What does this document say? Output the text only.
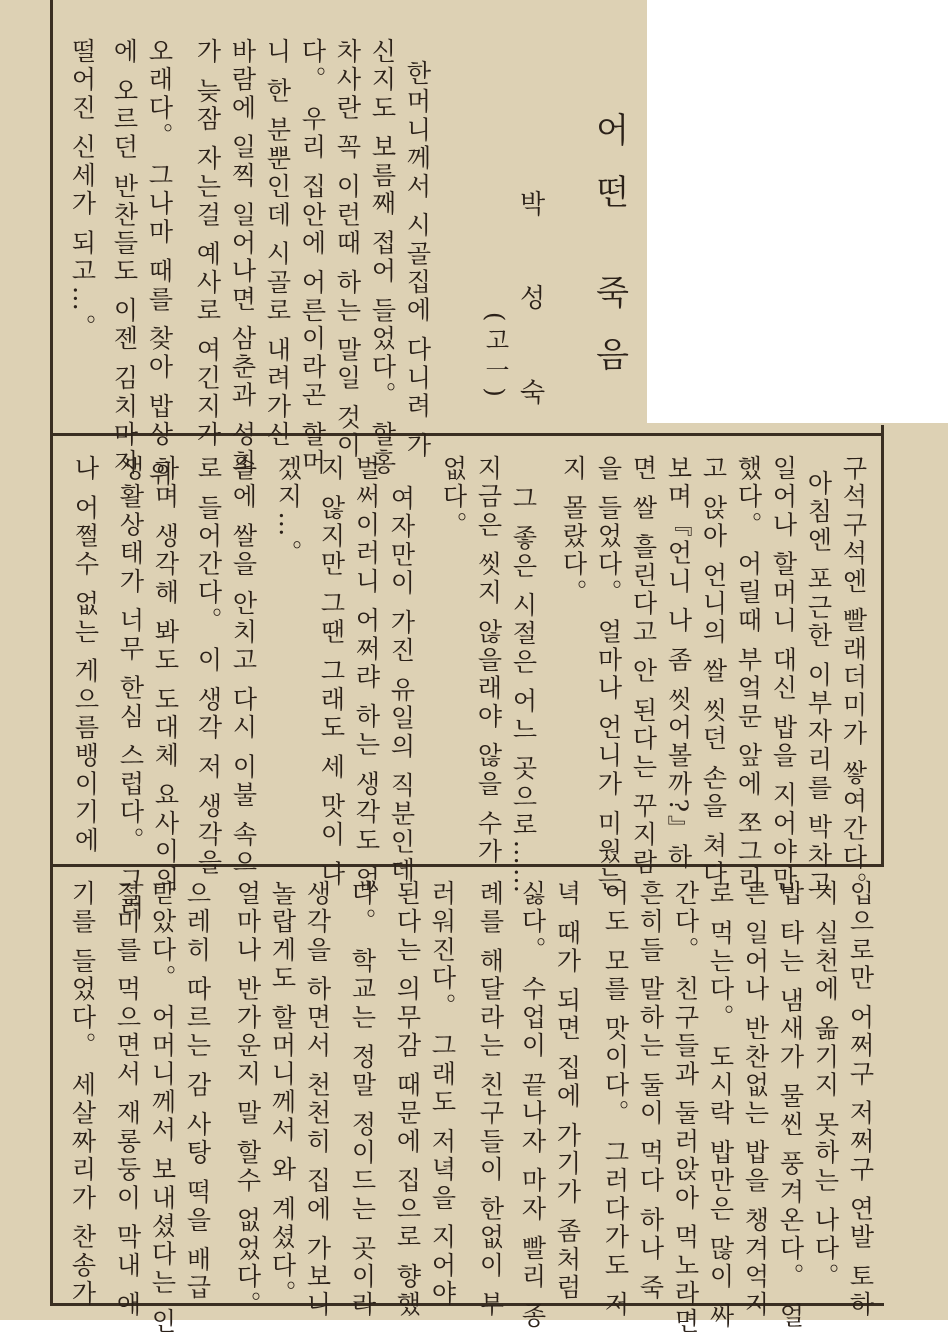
어떤 죽음
박 성 숙
(고一)
한머니께서 시골집에 다니려 가
신지도 보름째 접어 들었다。 할홍
차사란 꼭 이런때 하는 말일 것이
다。 우리 집안에 어른이라곤 할머
니 한 분뿐인데 시골로 내려가신
바람에 일찍 일어나면 삼춘과 성희
가 늦잠 자는걸 예사로 여긴지가
오래다。 그나마 때를 찾아 밥상 위
에 오르던 반찬들도 이젠 김치마저
떨어진 신세가 되고…。
구석구석엔 빨래더미가 쌓여간다。
아침엔 포근한 이부자리를 박차고
일어나 할머니 대신 밥을 지어야만
했다。 어릴때 부엌문 앞에 쪼그리
고 앉아 언니의 쌀 씻던 손을 쳐다
보며『언니 나 좀 씻어볼까?』하
면 쌀 흘린다고 안 된다는 꾸지람
을 들었다。 얼마나 언니가 미웠는
지 몰랐다。
그 좋은 시절은 어느 곳으로……
지금은 씻지 않을래야 않을 수가
없다。
여자만이 가진 유일의 직분인데
벌써이러니 어쩌랴 하는 생각도 없
지 않지만 그땐 그래도 세 맛이 나
겠지…。
솥에 쌀을 안치고 다시 이불 속으
로 들어간다。 이 생각 저 생각을
하며 생각해 봐도 도대체 요사이의
생활상태가 너무 한심 스럽다。 그러
나 어쩔수 없는 게으름뱅이기에
입으로만 어쩌구 저쩌구 연발 토하
지 실천에 옮기지 못하는 나다。
밥 타는 냄새가 물씬 풍겨온다。 얼
른 일어나 반찬없는 밥을 챙겨억지
로 먹는다。 도시락 밥만은 많이 싸
간다。 친구들과 둘러앉아 먹노라면
흔히들 말하는 둘이 먹다 하나 죽
어도 모를 맛이다。 그러다가도 저
녁 때가 되면 집에 가기가 좀처럼
싫다。 수업이 끝나자 마자 빨리 종
례를 해달라는 친구들이 한없이 부
러워진다。 그래도 저녁을 지어야
된다는 의무감 때문에 집으로 향했
다。 학교는 정말 정이드는 곳이라
생각을 하면서 천천히 집에 가보니
놀랍게도 할머니께서 와 계셨다。
얼마나 반가운지 말 할수 없었다。
으레히 따르는 감 사탕 떡을 배급
받았다。 어머니께서 보내셨다는 인
절미를 먹으면서 재롱둥이 막내 애
기를 들었다。 세살짜리가 찬송가
